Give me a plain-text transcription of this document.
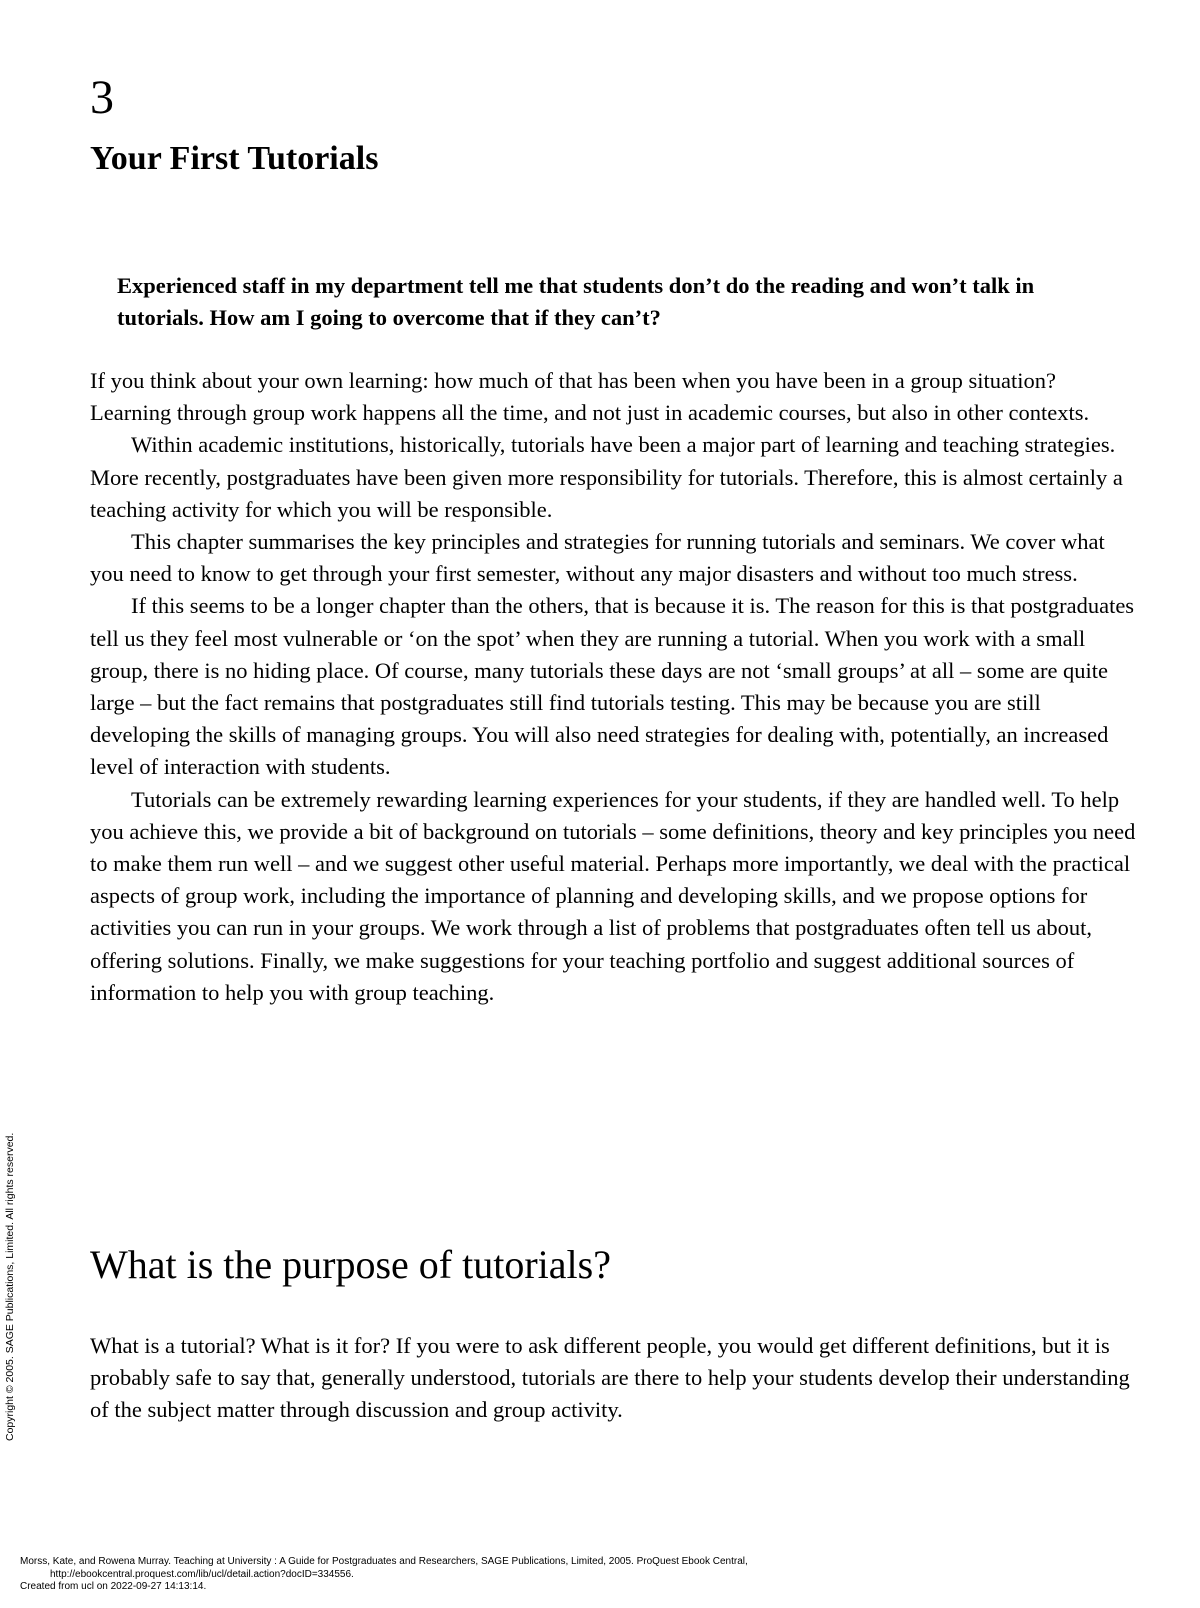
3
Your First Tutorials

Experienced staff in my department tell me that students don’t do the reading and won’t talk in tutorials. How am I going to overcome that if they can’t?

If you think about your own learning: how much of that has been when you have been in a group situation? Learning through group work happens all the time, and not just in academic courses, but also in other contexts.

Within academic institutions, historically, tutorials have been a major part of learning and teaching strategies. More recently, postgraduates have been given more responsibility for tutorials. Therefore, this is almost certainly a teaching activity for which you will be responsible.

This chapter summarises the key principles and strategies for running tutorials and seminars. We cover what you need to know to get through your first semester, without any major disasters and without too much stress.

If this seems to be a longer chapter than the others, that is because it is. The reason for this is that postgraduates tell us they feel most vulnerable or ‘on the spot’ when they are running a tutorial. When you work with a small group, there is no hiding place. Of course, many tutorials these days are not ‘small groups’ at all – some are quite large – but the fact remains that postgraduates still find tutorials testing. This may be because you are still developing the skills of managing groups. You will also need strategies for dealing with, potentially, an increased level of interaction with students.

Tutorials can be extremely rewarding learning experiences for your students, if they are handled well. To help you achieve this, we provide a bit of background on tutorials – some definitions, theory and key principles you need to make them run well – and we suggest other useful material. Perhaps more importantly, we deal with the practical aspects of group work, including the importance of planning and developing skills, and we propose options for activities you can run in your groups. We work through a list of problems that postgraduates often tell us about, offering solutions. Finally, we make suggestions for your teaching portfolio and suggest additional sources of information to help you with group teaching.

What is the purpose of tutorials?

What is a tutorial? What is it for? If you were to ask different people, you would get different definitions, but it is probably safe to say that, generally understood, tutorials are there to help your students develop their understanding of the subject matter through discussion and group activity.

Copyright © 2005. SAGE Publications, Limited. All rights reserved.
Morss, Kate, and Rowena Murray. Teaching at University : A Guide for Postgraduates and Researchers, SAGE Publications, Limited, 2005. ProQuest Ebook Central,
http://ebookcentral.proquest.com/lib/ucl/detail.action?docID=334556.
Created from ucl on 2022-09-27 14:13:14.
